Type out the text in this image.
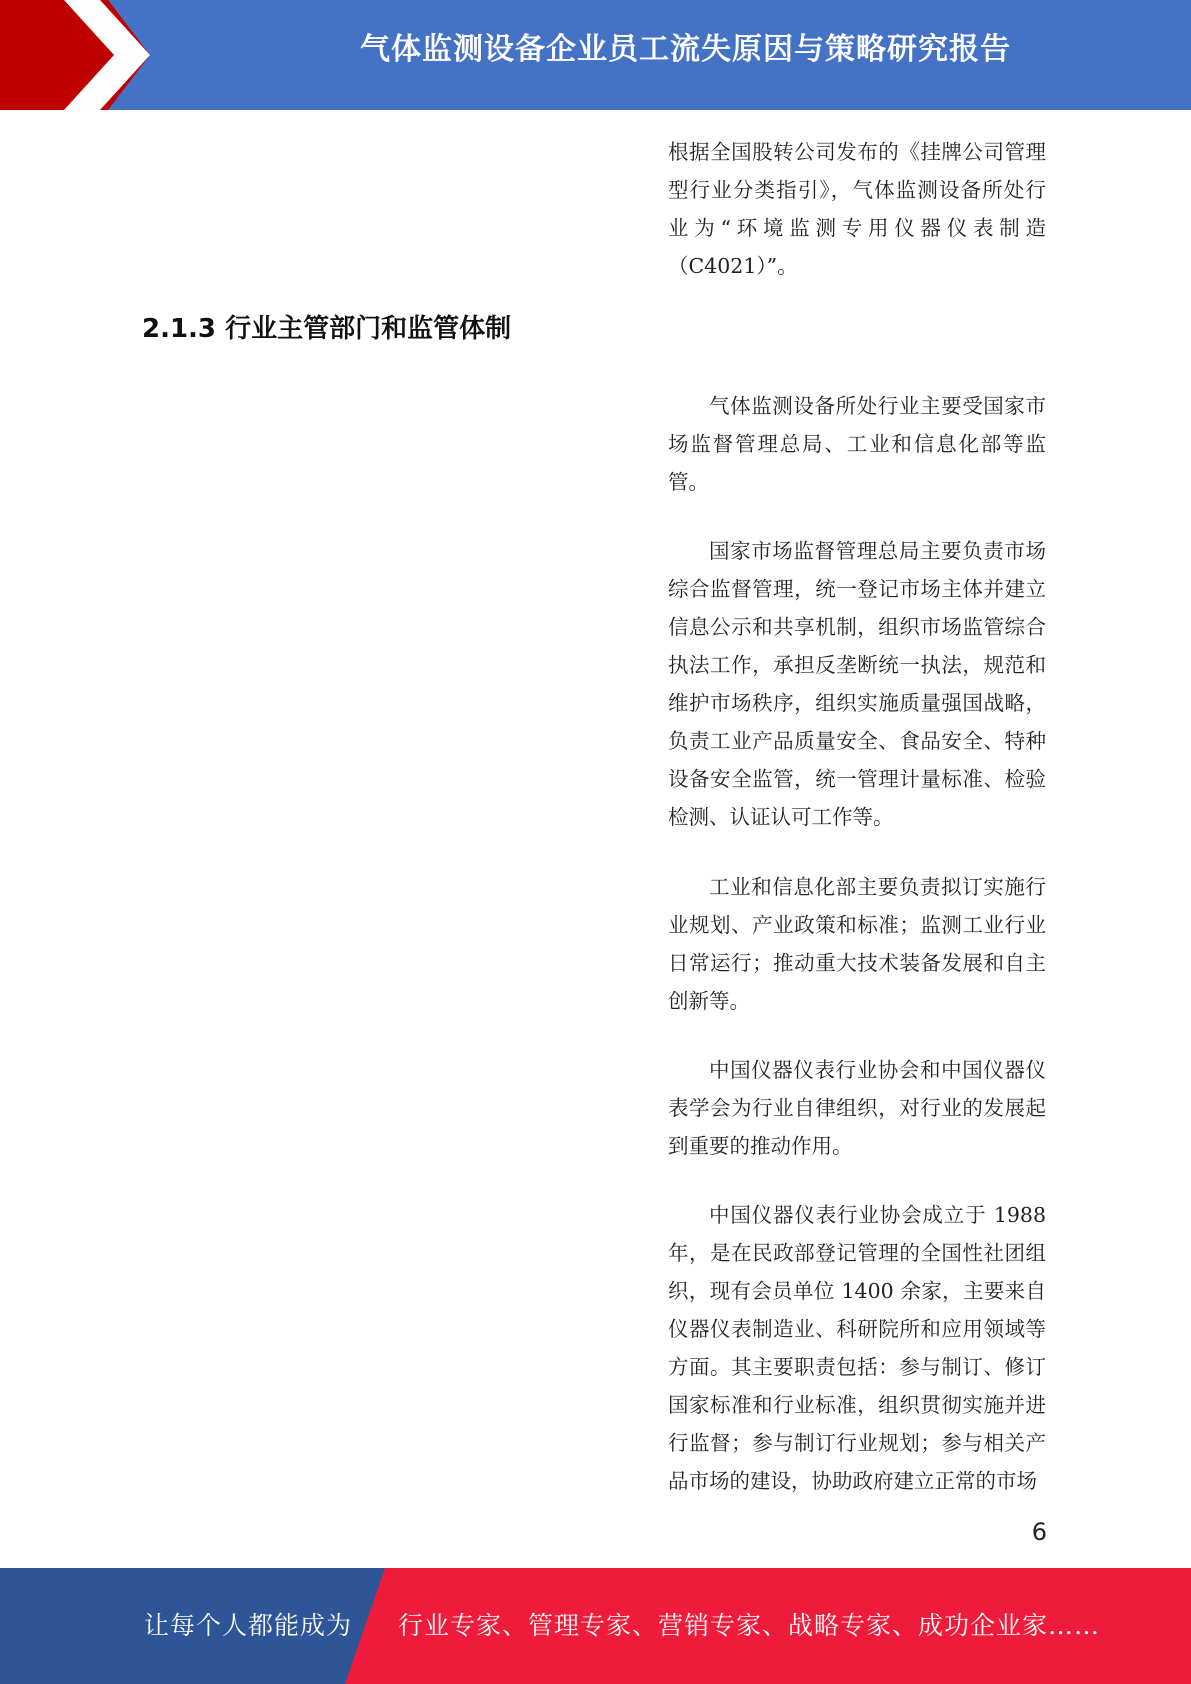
气体监测设备企业员工流失原因与策略研究报告

根据全国股转公司发布的《挂牌公司管理型行业分类指引》，气体监测设备所处行业为“环境监测专用仪器仪表制造（C4021）”。

2.1.3 行业主管部门和监管体制

气体监测设备所处行业主要受国家市场监督管理总局、工业和信息化部等监管。

国家市场监督管理总局主要负责市场综合监督管理，统一登记市场主体并建立信息公示和共享机制，组织市场监管综合执法工作，承担反垄断统一执法，规范和维护市场秩序，组织实施质量强国战略，负责工业产品质量安全、食品安全、特种设备安全监管，统一管理计量标准、检验检测、认证认可工作等。

工业和信息化部主要负责拟订实施行业规划、产业政策和标准；监测工业行业日常运行；推动重大技术装备发展和自主创新等。

中国仪器仪表行业协会和中国仪器仪表学会为行业自律组织，对行业的发展起到重要的推动作用。

中国仪器仪表行业协会成立于 1988 年，是在民政部登记管理的全国性社团组织，现有会员单位 1400 余家，主要来自仪器仪表制造业、科研院所和应用领域等方面。其主要职责包括：参与制订、修订国家标准和行业标准，组织贯彻实施并进行监督；参与制订行业规划；参与相关产品市场的建设，协助政府建立正常的市场

6
让每个人都能成为 行业专家、管理专家、营销专家、战略专家、成功企业家……
